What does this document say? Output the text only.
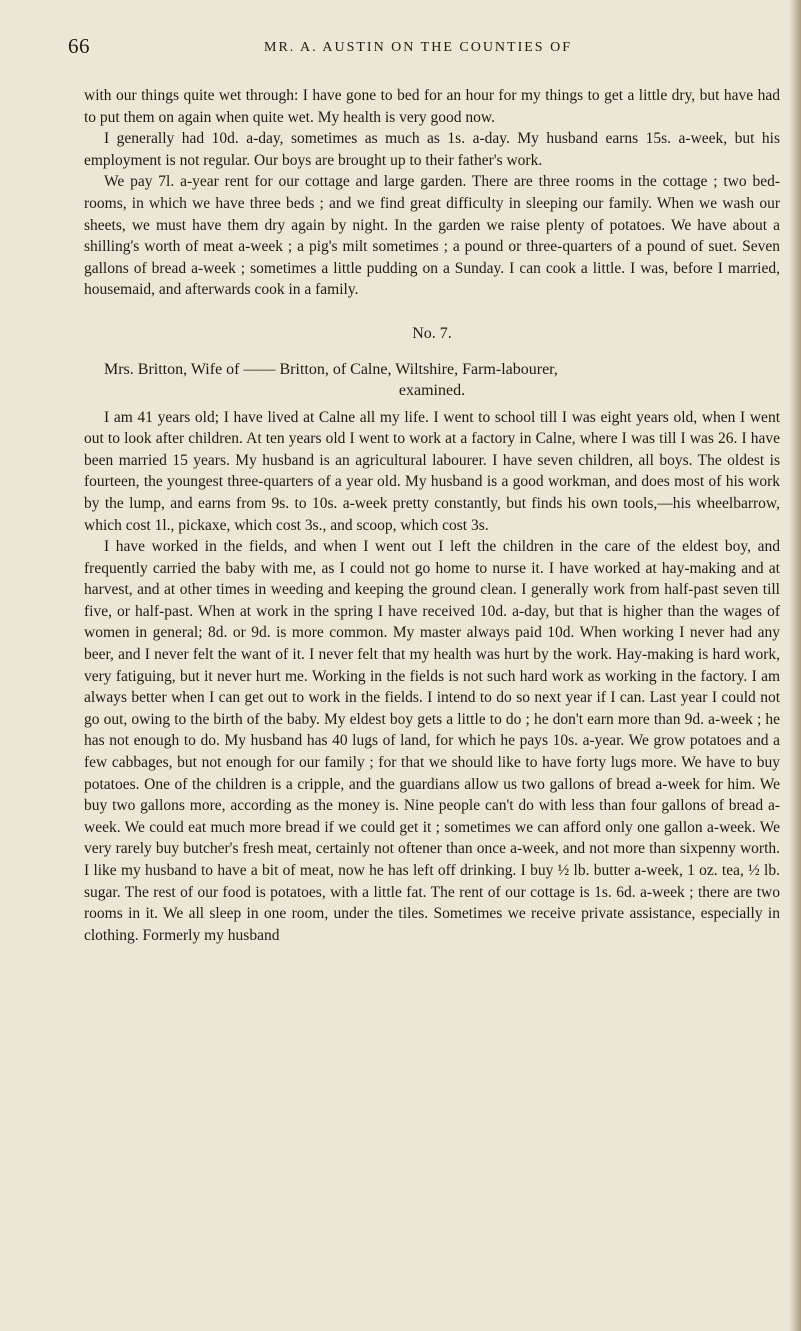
66	MR. A. AUSTIN ON THE COUNTIES OF

with our things quite wet through: I have gone to bed for an hour for my things to get a little dry, but have had to put them on again when quite wet. My health is very good now.

I generally had 10d. a-day, sometimes as much as 1s. a-day. My husband earns 15s. a-week, but his employment is not regular. Our boys are brought up to their father's work.

We pay 7l. a-year rent for our cottage and large garden. There are three rooms in the cottage ; two bed-rooms, in which we have three beds ; and we find great difficulty in sleeping our family. When we wash our sheets, we must have them dry again by night. In the garden we raise plenty of potatoes. We have about a shilling's worth of meat a-week ; a pig's milt sometimes ; a pound or three-quarters of a pound of suet. Seven gallons of bread a-week ; sometimes a little pudding on a Sunday. I can cook a little. I was, before I married, housemaid, and afterwards cook in a family.

No. 7.
Mrs. Britton, Wife of —— Britton, of Calne, Wiltshire, Farm-labourer,
examined.

I am 41 years old; I have lived at Calne all my life. I went to school till I was eight years old, when I went out to look after children. At ten years old I went to work at a factory in Calne, where I was till I was 26. I have been married 15 years. My husband is an agricultural labourer. I have seven children, all boys. The oldest is fourteen, the youngest three-quarters of a year old. My husband is a good workman, and does most of his work by the lump, and earns from 9s. to 10s. a-week pretty constantly, but finds his own tools,—his wheelbarrow, which cost 1l., pickaxe, which cost 3s., and scoop, which cost 3s.

I have worked in the fields, and when I went out I left the children in the care of the eldest boy, and frequently carried the baby with me, as I could not go home to nurse it. I have worked at hay-making and at harvest, and at other times in weeding and keeping the ground clean. I generally work from half-past seven till five, or half-past. When at work in the spring I have received 10d. a-day, but that is higher than the wages of women in general; 8d. or 9d. is more common. My master always paid 10d. When working I never had any beer, and I never felt the want of it. I never felt that my health was hurt by the work. Hay-making is hard work, very fatiguing, but it never hurt me. Working in the fields is not such hard work as working in the factory. I am always better when I can get out to work in the fields. I intend to do so next year if I can. Last year I could not go out, owing to the birth of the baby. My eldest boy gets a little to do ; he don't earn more than 9d. a-week ; he has not enough to do. My husband has 40 lugs of land, for which he pays 10s. a-year. We grow potatoes and a few cabbages, but not enough for our family ; for that we should like to have forty lugs more. We have to buy potatoes. One of the children is a cripple, and the guardians allow us two gallons of bread a-week for him. We buy two gallons more, according as the money is. Nine people can't do with less than four gallons of bread a-week. We could eat much more bread if we could get it ; sometimes we can afford only one gallon a-week. We very rarely buy butcher's fresh meat, certainly not oftener than once a-week, and not more than sixpenny worth. I like my husband to have a bit of meat, now he has left off drinking. I buy ½ lb. butter a-week, 1 oz. tea, ½ lb. sugar. The rest of our food is potatoes, with a little fat. The rent of our cottage is 1s. 6d. a-week ; there are two rooms in it. We all sleep in one room, under the tiles. Sometimes we receive private assistance, especially in clothing. Formerly my husband
